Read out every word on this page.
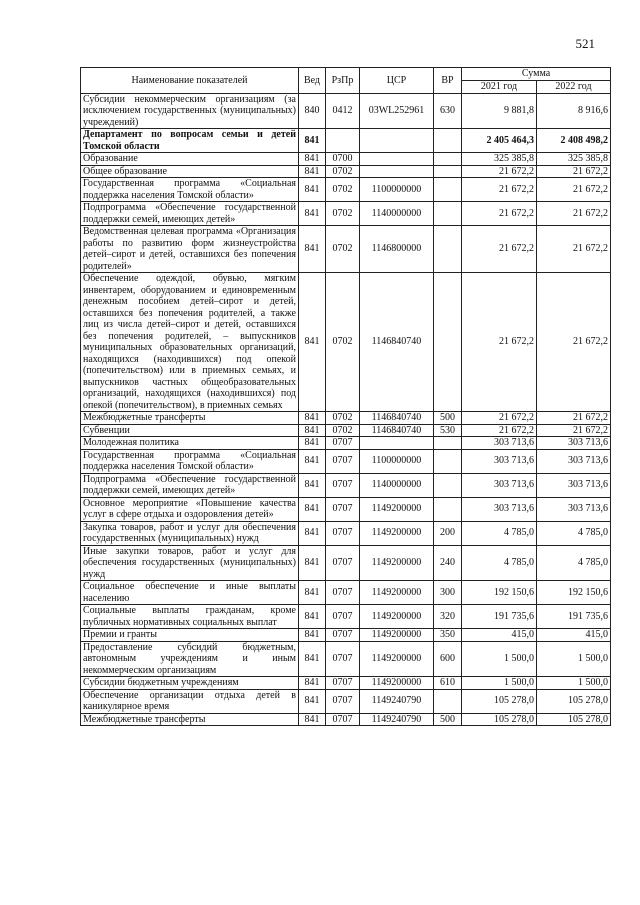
521
Наименование показателей	Вед	РзПр	ЦСР	ВР	Сумма	
					2021 год	2022 год
Субсидии некоммерческим организациям (за исключением государственных (муниципальных) учреждений)	840	0412	03WL252961	630	9 881,8	8 916,6
Департамент по вопросам семьи и детей Томской области	841				2 405 464,3	2 408 498,2
Образование	841	0700			325 385,8	325 385,8
Общее образование	841	0702			21 672,2	21 672,2
Государственная программа «Социальная поддержка населения Томской области»	841	0702	1100000000		21 672,2	21 672,2
Подпрограмма «Обеспечение государственной поддержки семей, имеющих детей»	841	0702	1140000000		21 672,2	21 672,2
Ведомственная целевая программа «Организация работы по развитию форм жизнеустройства детей–сирот и детей, оставшихся без попечения родителей»	841	0702	1146800000		21 672,2	21 672,2
Обеспечение одеждой, обувью, мягким инвентарем, оборудованием и единовременным денежным пособием детей–сирот и детей, оставшихся без попечения родителей, а также лиц из числа детей–сирот и детей, оставшихся без попечения родителей, – выпускников муниципальных образовательных организаций, находящихся (находившихся) под опекой (попечительством) или в приемных семьях, и выпускников частных общеобразовательных организаций, находящихся (находившихся) под опекой (попечительством), в приемных семьях	841	0702	1146840740		21 672,2	21 672,2
Межбюджетные трансферты	841	0702	1146840740	500	21 672,2	21 672,2
Субвенции	841	0702	1146840740	530	21 672,2	21 672,2
Молодежная политика	841	0707			303 713,6	303 713,6
Государственная программа «Социальная поддержка населения Томской области»	841	0707	1100000000		303 713,6	303 713,6
Подпрограмма «Обеспечение государственной поддержки семей, имеющих детей»	841	0707	1140000000		303 713,6	303 713,6
Основное мероприятие «Повышение качества услуг в сфере отдыха и оздоровления детей»	841	0707	1149200000		303 713,6	303 713,6
Закупка товаров, работ и услуг для обеспечения государственных (муниципальных) нужд	841	0707	1149200000	200	4 785,0	4 785,0
Иные закупки товаров, работ и услуг для обеспечения государственных (муниципальных) нужд	841	0707	1149200000	240	4 785,0	4 785,0
Социальное обеспечение и иные выплаты населению	841	0707	1149200000	300	192 150,6	192 150,6
Социальные выплаты гражданам, кроме публичных нормативных социальных выплат	841	0707	1149200000	320	191 735,6	191 735,6
Премии и гранты	841	0707	1149200000	350	415,0	415,0
Предоставление субсидий бюджетным, автономным учреждениям и иным некоммерческим организациям	841	0707	1149200000	600	1 500,0	1 500,0
Субсидии бюджетным учреждениям	841	0707	1149200000	610	1 500,0	1 500,0
Обеспечение организации отдыха детей в каникулярное время	841	0707	1149240790		105 278,0	105 278,0
Межбюджетные трансферты	841	0707	1149240790	500	105 278,0	105 278,0
